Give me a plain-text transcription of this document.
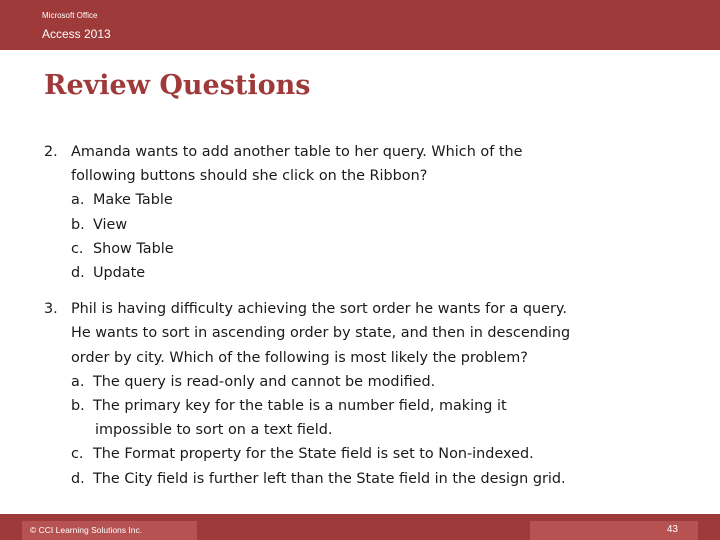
Microsoft Office
Access 2013
Review Questions
2. Amanda wants to add another table to her query. Which of the
following buttons should she click on the Ribbon?
a. Make Table
b. View
c. Show Table
d. Update
3. Phil is having difficulty achieving the sort order he wants for a query.
He wants to sort in ascending order by state, and then in descending
order by city. Which of the following is most likely the problem?
a. The query is read-only and cannot be modified.
b. The primary key for the table is a number field, making it
impossible to sort on a text field.
c. The Format property for the State field is set to Non-indexed.
d. The City field is further left than the State field in the design grid.
© CCI Learning Solutions Inc.	43
